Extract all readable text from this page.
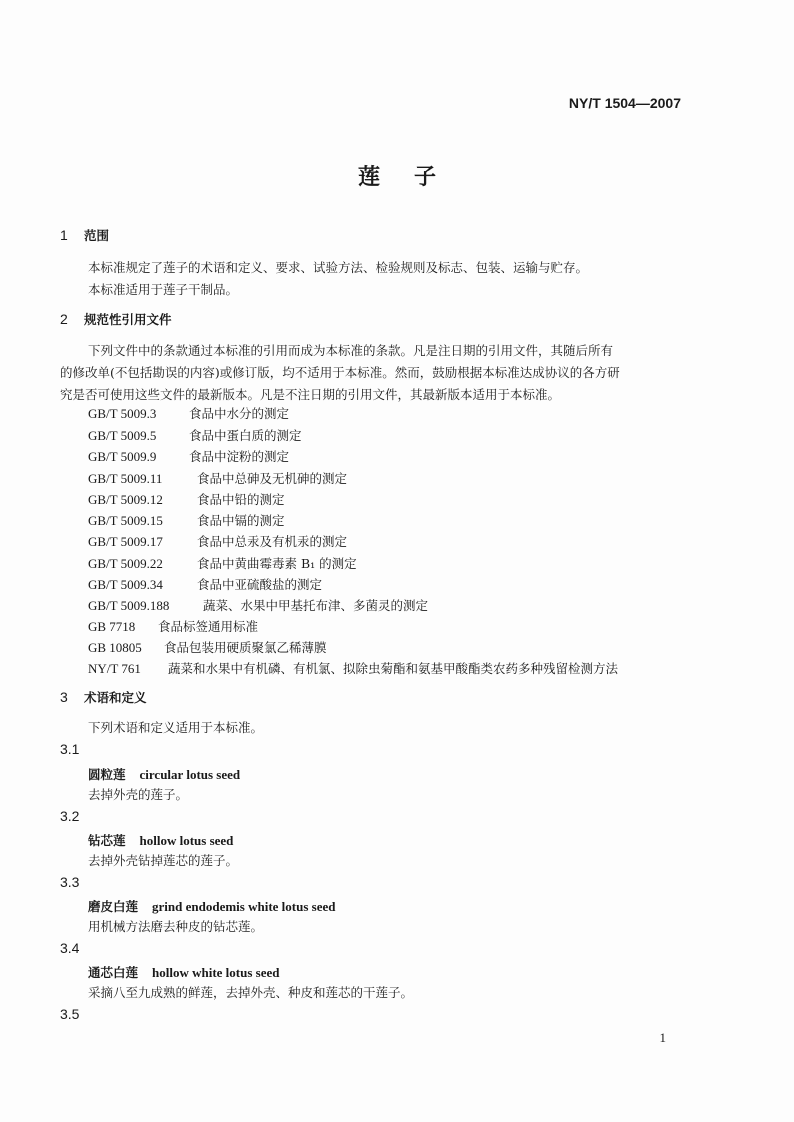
NY/T 1504—2007
莲子
1 范围
本标准规定了莲子的术语和定义、要求、试验方法、检验规则及标志、包装、运输与贮存。
本标准适用于莲子干制品。
2 规范性引用文件
下列文件中的条款通过本标准的引用而成为本标准的条款。凡是注日期的引用文件，其随后所有
的修改单(不包括勘误的内容)或修订版，均不适用于本标准。然而，鼓励根据本标准达成协议的各方研
究是否可使用这些文件的最新版本。凡是不注日期的引用文件，其最新版本适用于本标准。
GB/T 5009.3	食品中水分的测定
GB/T 5009.5	食品中蛋白质的测定
GB/T 5009.9	食品中淀粉的测定
GB/T 5009.11	食品中总砷及无机砷的测定
GB/T 5009.12	食品中铅的测定
GB/T 5009.15	食品中镉的测定
GB/T 5009.17	食品中总汞及有机汞的测定
GB/T 5009.22	食品中黄曲霉毒素 B₁ 的测定
GB/T 5009.34	食品中亚硫酸盐的测定
GB/T 5009.188	蔬菜、水果中甲基托布津、多菌灵的测定
GB 7718 食品标签通用标准
GB 10805 食品包装用硬质聚氯乙稀薄膜
NY/T 761 蔬菜和水果中有机磷、有机氯、拟除虫菊酯和氨基甲酸酯类农药多种残留检测方法
3 术语和定义
下列术语和定义适用于本标准。
3.1
圆粒莲 circular lotus seed
去掉外壳的莲子。
3.2
钻芯莲 hollow lotus seed
去掉外壳钻掉莲芯的莲子。
3.3
磨皮白莲 grind endodemis white lotus seed
用机械方法磨去种皮的钻芯莲。
3.4
通芯白莲 hollow white lotus seed
采摘八至九成熟的鲜莲，去掉外壳、种皮和莲芯的干莲子。
3.5
1
